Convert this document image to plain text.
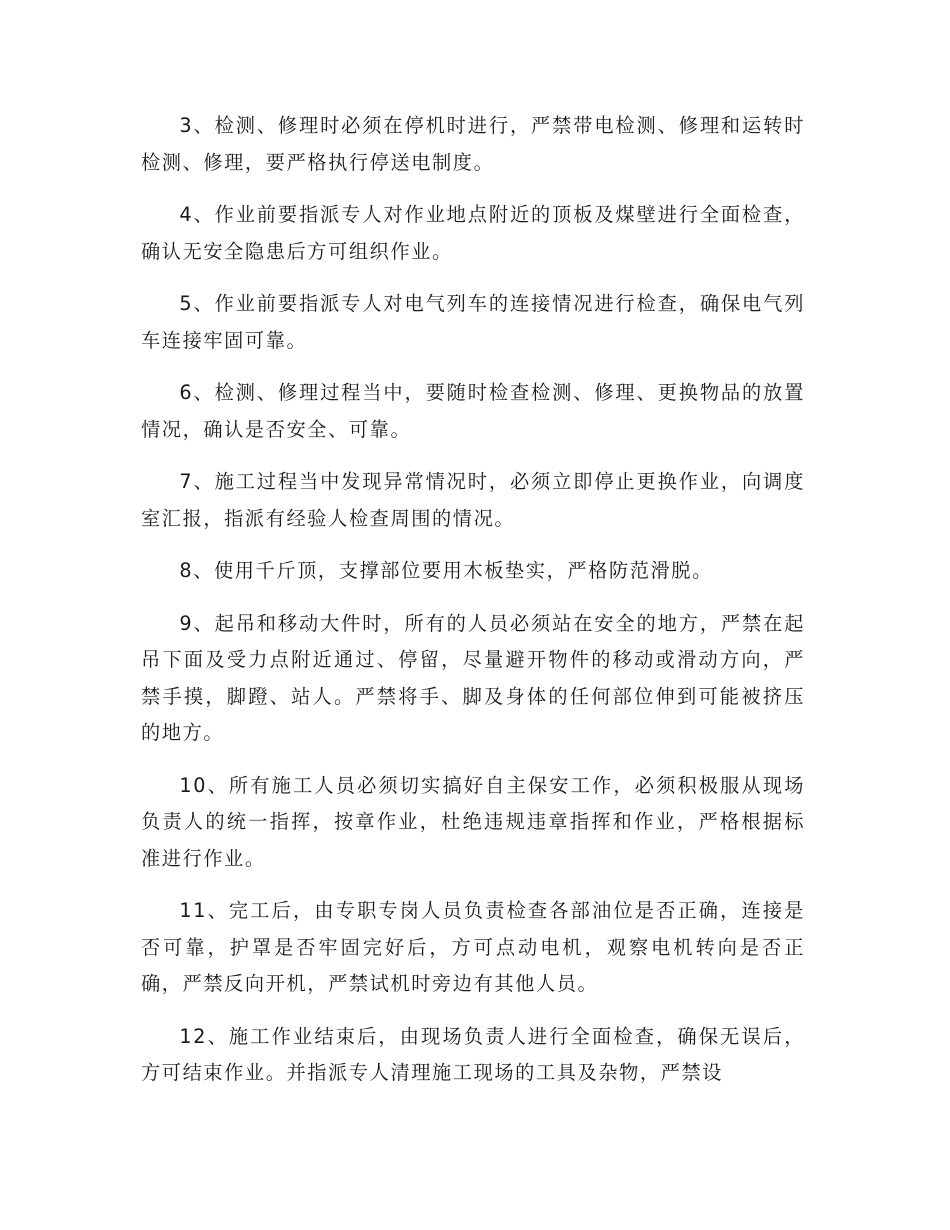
3、检测、修理时必须在停机时进行，严禁带电检测、修理和运转时检测、修理，要严格执行停送电制度。

4、作业前要指派专人对作业地点附近的顶板及煤壁进行全面检查，确认无安全隐患后方可组织作业。

5、作业前要指派专人对电气列车的连接情况进行检查，确保电气列车连接牢固可靠。

6、检测、修理过程当中，要随时检查检测、修理、更换物品的放置情况，确认是否安全、可靠。

7、施工过程当中发现异常情况时，必须立即停止更换作业，向调度室汇报，指派有经验人检查周围的情况。

8、使用千斤顶，支撑部位要用木板垫实，严格防范滑脱。

9、起吊和移动大件时，所有的人员必须站在安全的地方，严禁在起吊下面及受力点附近通过、停留，尽量避开物件的移动或滑动方向，严禁手摸，脚蹬、站人。严禁将手、脚及身体的任何部位伸到可能被挤压的地方。

10、所有施工人员必须切实搞好自主保安工作，必须积极服从现场负责人的统一指挥，按章作业，杜绝违规违章指挥和作业，严格根据标准进行作业。

11、完工后，由专职专岗人员负责检查各部油位是否正确，连接是否可靠，护罩是否牢固完好后，方可点动电机，观察电机转向是否正确，严禁反向开机，严禁试机时旁边有其他人员。

12、施工作业结束后，由现场负责人进行全面检查，确保无误后，方可结束作业。并指派专人清理施工现场的工具及杂物，严禁设
